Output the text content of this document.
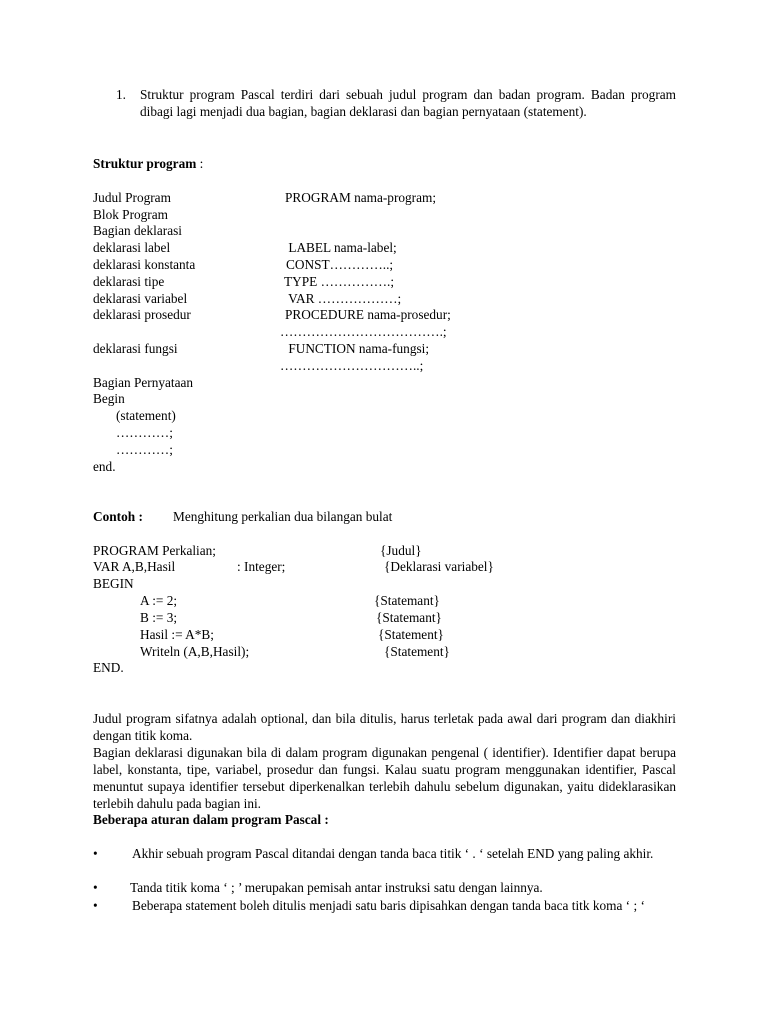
1. Struktur program Pascal terdiri dari sebuah judul program dan badan program. Badan program dibagi lagi menjadi dua bagian, bagian deklarasi dan bagian pernyataan (statement).
Struktur program :
Judul Program	PROGRAM nama-program;
Blok Program
Bagian deklarasi
deklarasi label	LABEL nama-label;
deklarasi konstanta	CONST…………..;
deklarasi tipe	TYPE …………….;
deklarasi variabel	VAR ………………;
deklarasi prosedur	PROCEDURE nama-prosedur;
……………………………….;
deklarasi fungsi	FUNCTION nama-fungsi;
…………………………..;
Bagian Pernyataan
Begin
(statement)
…………;
…………;
end.
Contoh : Menghitung perkalian dua bilangan bulat
PROGRAM Perkalian;	{Judul}
VAR A,B,Hasil	: Integer;	{Deklarasi variabel}
BEGIN
A := 2;	{Statemant}
B := 3;	{Statemant}
Hasil := A*B;	{Statement}
Writeln (A,B,Hasil);	{Statement}
END.
Judul program sifatnya adalah optional, dan bila ditulis, harus terletak pada awal dari program dan diakhiri dengan titik koma.
Bagian deklarasi digunakan bila di dalam program digunakan pengenal ( identifier). Identifier dapat berupa label, konstanta, tipe, variabel, prosedur dan fungsi. Kalau suatu program menggunakan identifier, Pascal menuntut supaya identifier tersebut diperkenalkan terlebih dahulu sebelum digunakan, yaitu dideklarasikan terlebih dahulu pada bagian ini.
Beberapa aturan dalam program Pascal :
•	Akhir sebuah program Pascal ditandai dengan tanda baca titik ‘ . ‘ setelah END yang paling akhir.
•	Tanda titik koma ‘ ; ’ merupakan pemisah antar instruksi satu dengan lainnya.
•	Beberapa statement boleh ditulis menjadi satu baris dipisahkan dengan tanda baca titk koma ‘ ; ‘
